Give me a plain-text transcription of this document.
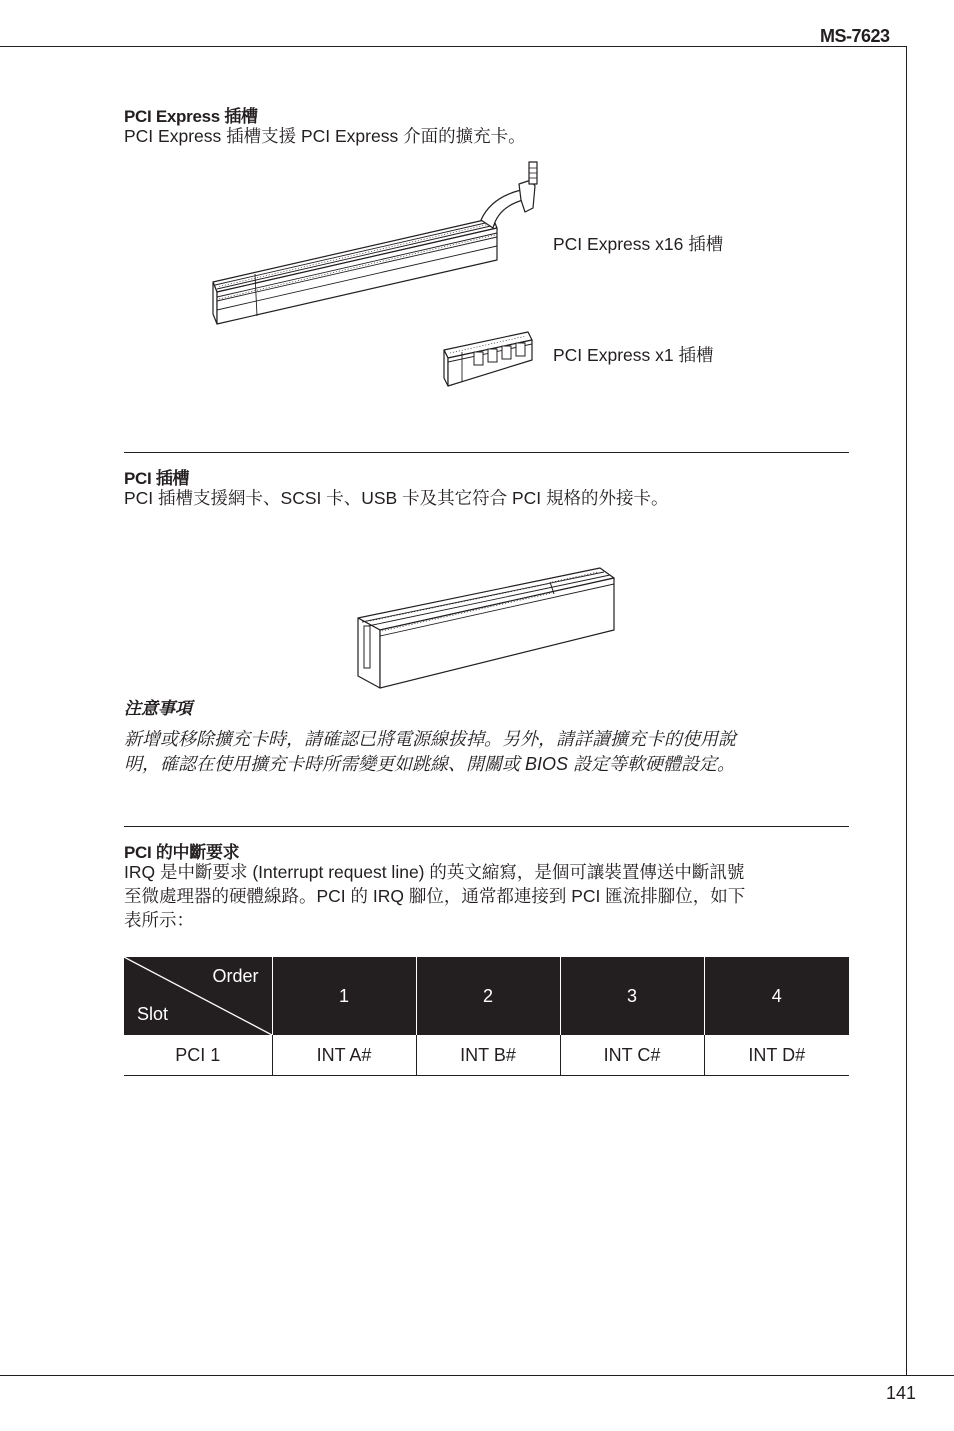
MS-7623
PCI Express 插槽
PCI Express 插槽支援 PCI Express 介面的擴充卡。
PCI Express x16 插槽
PCI Express x1 插槽
PCI 插槽
PCI 插槽支援網卡、SCSI 卡、USB 卡及其它符合 PCI 規格的外接卡。
注意事項
新增或移除擴充卡時，請確認已將電源線拔掉。另外，請詳讀擴充卡的使用說
明，確認在使用擴充卡時所需變更如跳線、開關或 BIOS 設定等軟硬體設定。
PCI 的中斷要求
IRQ 是中斷要求 (Interrupt request line) 的英文縮寫，是個可讓裝置傳送中斷訊號
至微處理器的硬體線路。PCI 的 IRQ 腳位，通常都連接到 PCI 匯流排腳位，如下
表所示：
Order
Slot	1	2	3	4
PCI 1	INT A#	INT B#	INT C#	INT D#
141
